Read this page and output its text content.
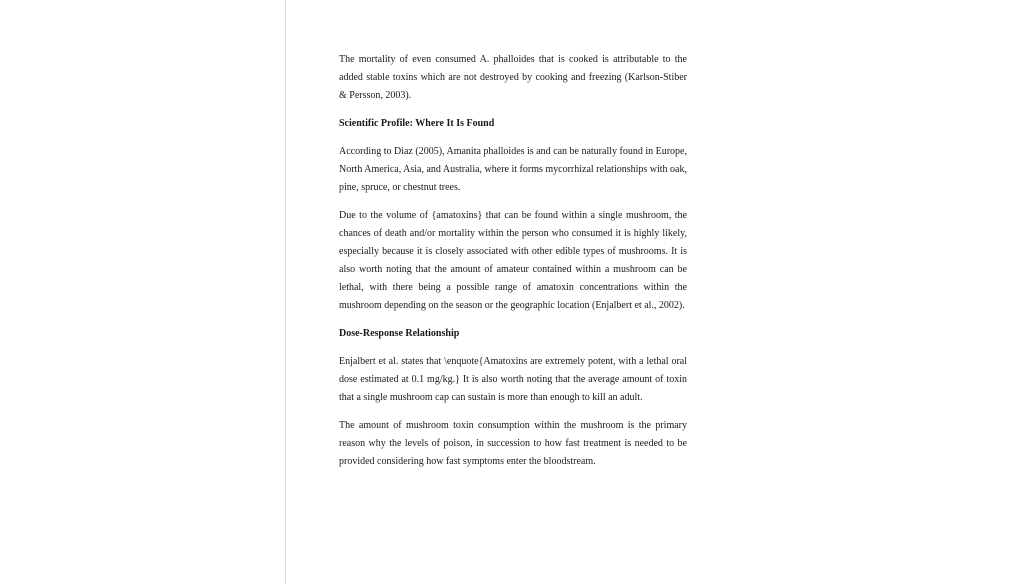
The mortality of even consumed A. phalloides that is cooked is attributable to the added stable toxins which are not destroyed by cooking and freezing (Karlson-Stiber & Persson, 2003).

Scientific Profile: Where It Is Found

According to Diaz (2005), Amanita phalloides is and can be naturally found in Europe, North America, Asia, and Australia, where it forms mycorrhizal relationships with oak, pine, spruce, or chestnut trees.

Due to the volume of {amatoxins} that can be found within a single mushroom, the chances of death and/or mortality within the person who consumed it is highly likely, especially because it is closely associated with other edible types of mushrooms. It is also worth noting that the amount of amateur contained within a mushroom can be lethal, with there being a possible range of amatoxin concentrations within the mushroom depending on the season or the geographic location (Enjalbert et al., 2002).

Dose-Response Relationship

Enjalbert et al. states that \enquote{Amatoxins are extremely potent, with a lethal oral dose estimated at 0.1 mg/kg.} It is also worth noting that the average amount of toxin that a single mushroom cap can sustain is more than enough to kill an adult.

The amount of mushroom toxin consumption within the mushroom is the primary reason why the levels of poison, in succession to how fast treatment is needed to be provided considering how fast symptoms enter the bloodstream.
